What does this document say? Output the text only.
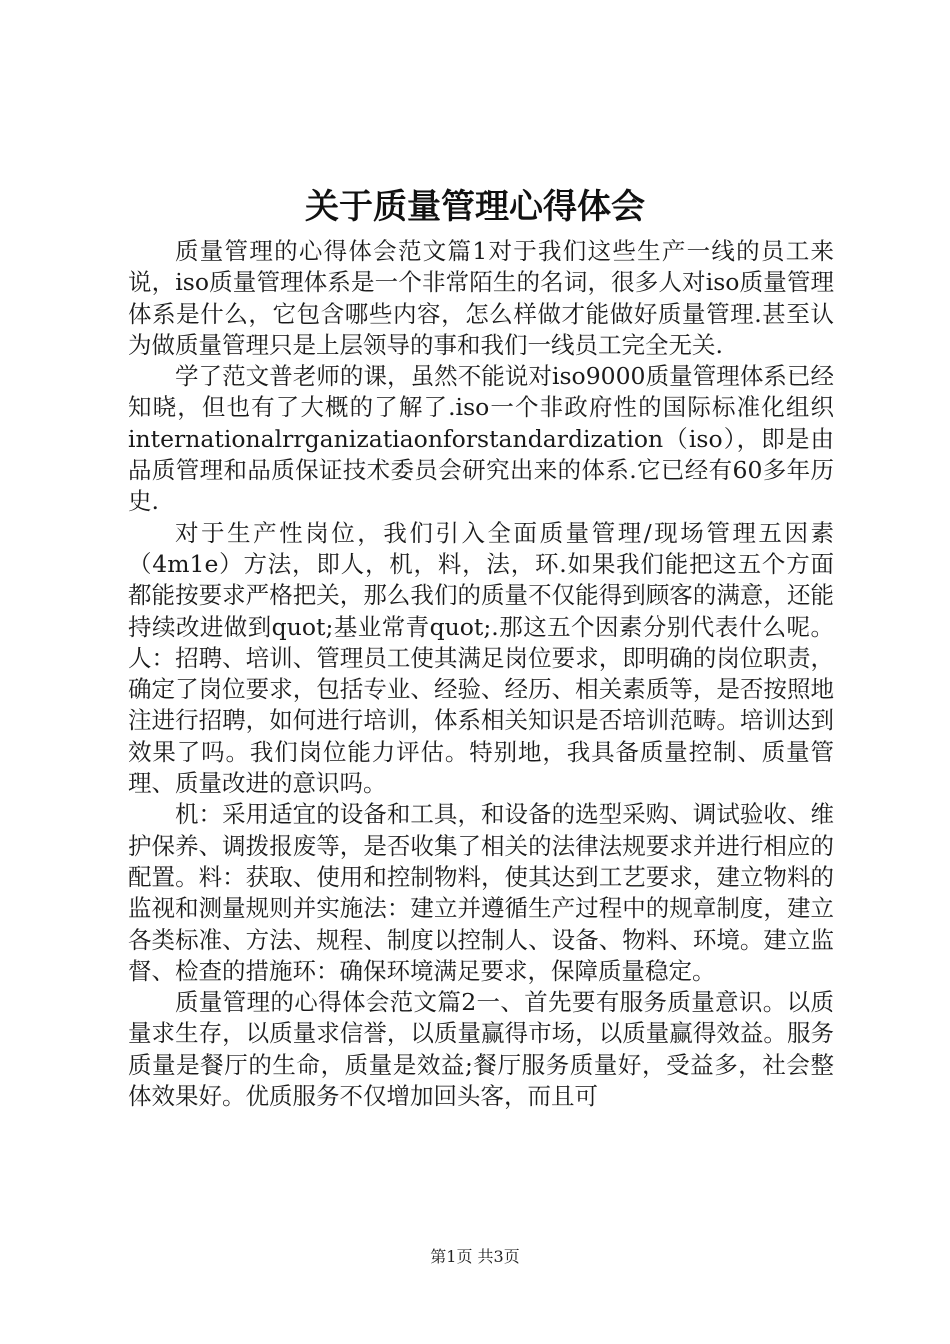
关于质量管理心得体会

质量管理的心得体会范文篇1对于我们这些生产一线的员工来说，iso质量管理体系是一个非常陌生的名词，很多人对iso质量管理体系是什么，它包含哪些内容，怎么样做才能做好质量管理.甚至认为做质量管理只是上层领导的事和我们一线员工完全无关.

学了范文普老师的课，虽然不能说对iso9000质量管理体系已经知晓，但也有了大概的了解了.iso一个非政府性的国际标准化组织internationalrrganizatiaonforstandardization（iso），即是由品质管理和品质保证技术委员会研究出来的体系.它已经有60多年历史.

对于生产性岗位，我们引入全面质量管理/现场管理五因素（4m1e）方法，即人，机，料，法，环.如果我们能把这五个方面都能按要求严格把关，那么我们的质量不仅能得到顾客的满意，还能持续改进做到quot;基业常青quot;.那这五个因素分别代表什么呢。人：招聘、培训、管理员工使其满足岗位要求，即明确的岗位职责，确定了岗位要求，包括专业、经验、经历、相关素质等，是否按照地注进行招聘，如何进行培训，体系相关知识是否培训范畴。培训达到效果了吗。我们岗位能力评估。特别地，我具备质量控制、质量管理、质量改进的意识吗。

机：采用适宜的设备和工具，和设备的选型采购、调试验收、维护保养、调拨报废等，是否收集了相关的法律法规要求并进行相应的配置。料：获取、使用和控制物料，使其达到工艺要求，建立物料的监视和测量规则并实施法：建立并遵循生产过程中的规章制度，建立各类标准、方法、规程、制度以控制人、设备、物料、环境。建立监督、检查的措施环：确保环境满足要求，保障质量稳定。

质量管理的心得体会范文篇2一、首先要有服务质量意识。以质量求生存，以质量求信誉，以质量赢得市场，以质量赢得效益。服务质量是餐厅的生命，质量是效益;餐厅服务质量好，受益多，社会整体效果好。优质服务不仅增加回头客，而且可

第1页 共3页
